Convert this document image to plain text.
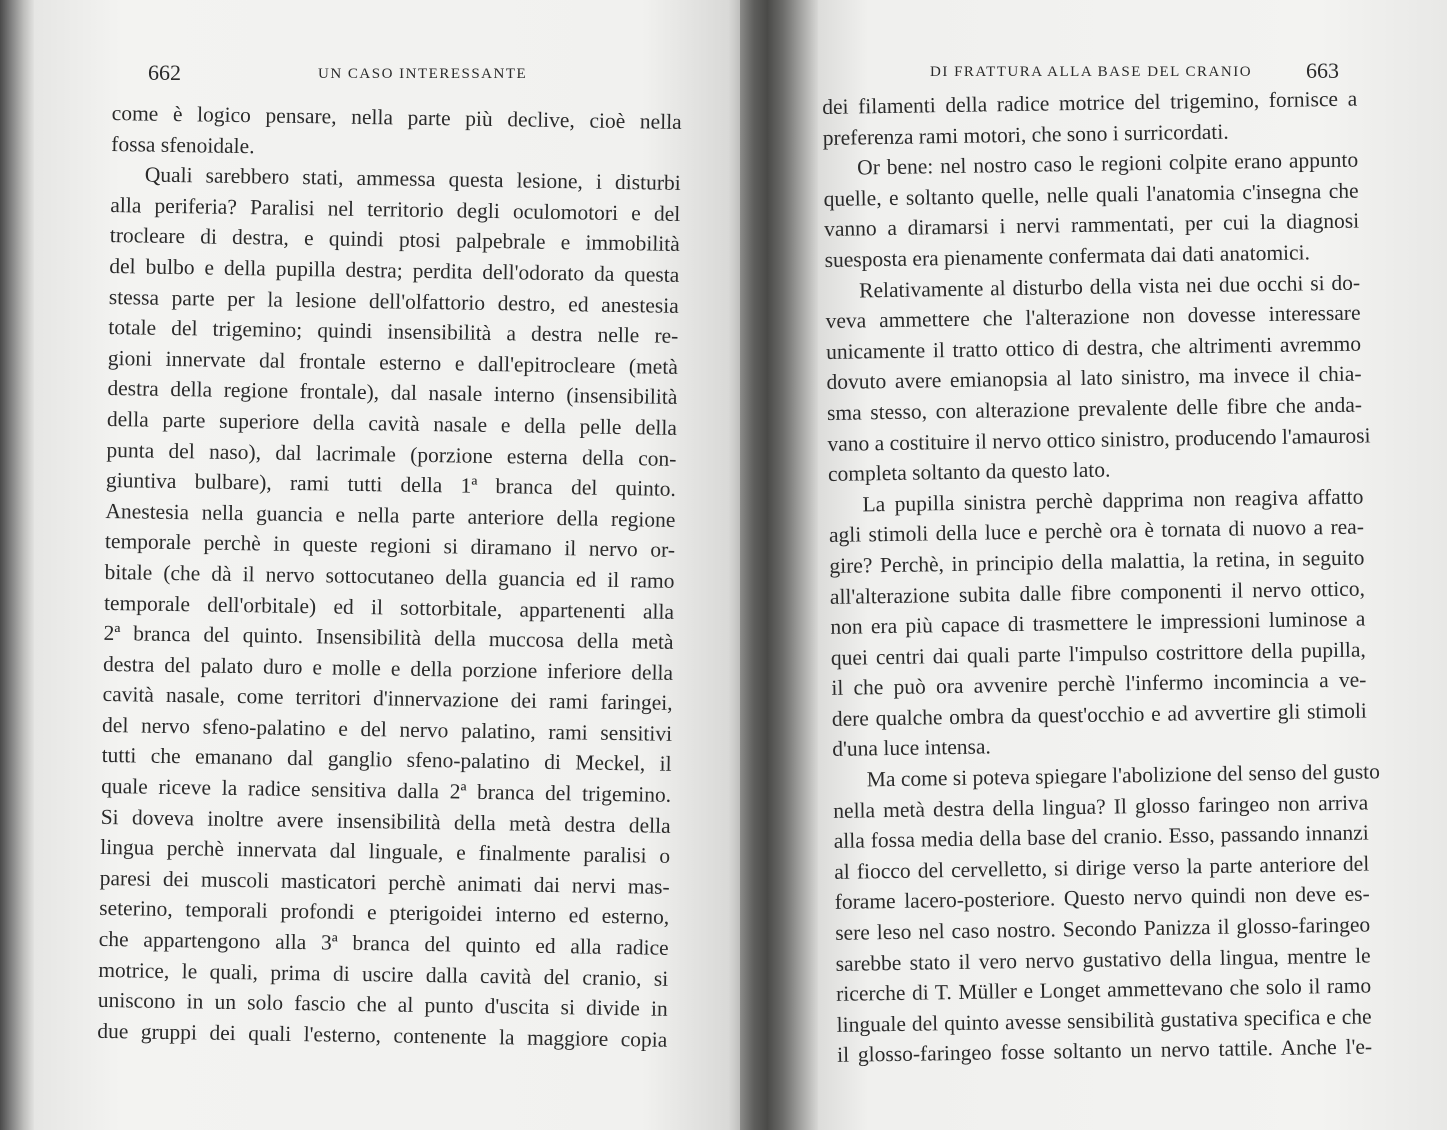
662	UN CASO INTERESSANTE	DI FRATTURA ALLA BASE DEL CRANIO 663
come è logico pensare, nella parte più declive, cioè nella
fossa sfenoidale.
Quali sarebbero stati, ammessa questa lesione, i disturbi
alla periferia? Paralisi nel territorio degli oculomotori e del
trocleare di destra, e quindi ptosi palpebrale e immobilità
del bulbo e della pupilla destra; perdita dell'odorato da questa
stessa parte per la lesione dell'olfattorio destro, ed anestesia
totale del trigemino; quindi insensibilità a destra nelle re-
gioni innervate dal frontale esterno e dall'epitrocleare (metà
destra della regione frontale), dal nasale interno (insensibilità
della parte superiore della cavità nasale e della pelle della
punta del naso), dal lacrimale (porzione esterna della con-
giuntiva bulbare), rami tutti della 1ª branca del quinto.
Anestesia nella guancia e nella parte anteriore della regione
temporale perchè in queste regioni si diramano il nervo or-
bitale (che dà il nervo sottocutaneo della guancia ed il ramo
temporale dell'orbitale) ed il sottorbitale, appartenenti alla
2ª branca del quinto. Insensibilità della muccosa della metà
destra del palato duro e molle e della porzione inferiore della
cavità nasale, come territori d'innervazione dei rami faringei,
del nervo sfeno-palatino e del nervo palatino, rami sensitivi
tutti che emanano dal ganglio sfeno-palatino di Meckel, il
quale riceve la radice sensitiva dalla 2ª branca del trigemino.
Si doveva inoltre avere insensibilità della metà destra della
lingua perchè innervata dal linguale, e finalmente paralisi o
paresi dei muscoli masticatori perchè animati dai nervi mas-
seterino, temporali profondi e pterigoidei interno ed esterno,
che appartengono alla 3ª branca del quinto ed alla radice
motrice, le quali, prima di uscire dalla cavità del cranio, si
uniscono in un solo fascio che al punto d'uscita si divide in
due gruppi dei quali l'esterno, contenente la maggiore copia
dei filamenti della radice motrice del trigemino, fornisce a
preferenza rami motori, che sono i surricordati.
Or bene: nel nostro caso le regioni colpite erano appunto
quelle, e soltanto quelle, nelle quali l'anatomia c'insegna che
vanno a diramarsi i nervi rammentati, per cui la diagnosi
suesposta era pienamente confermata dai dati anatomici.
Relativamente al disturbo della vista nei due occhi si do-
veva ammettere che l'alterazione non dovesse interessare
unicamente il tratto ottico di destra, che altrimenti avremmo
dovuto avere emianopsia al lato sinistro, ma invece il chia-
sma stesso, con alterazione prevalente delle fibre che anda-
vano a costituire il nervo ottico sinistro, producendo l'amaurosi
completa soltanto da questo lato.
La pupilla sinistra perchè dapprima non reagiva affatto
agli stimoli della luce e perchè ora è tornata di nuovo a rea-
gire? Perchè, in principio della malattia, la retina, in seguito
all'alterazione subita dalle fibre componenti il nervo ottico,
non era più capace di trasmettere le impressioni luminose a
quei centri dai quali parte l'impulso costrittore della pupilla,
il che può ora avvenire perchè l'infermo incomincia a ve-
dere qualche ombra da quest'occhio e ad avvertire gli stimoli
d'una luce intensa.
Ma come si poteva spiegare l'abolizione del senso del gusto
nella metà destra della lingua? Il glosso faringeo non arriva
alla fossa media della base del cranio. Esso, passando innanzi
al fiocco del cervelletto, si dirige verso la parte anteriore del
forame lacero-posteriore. Questo nervo quindi non deve es-
sere leso nel caso nostro. Secondo Panizza il glosso-faringeo
sarebbe stato il vero nervo gustativo della lingua, mentre le
ricerche di T. Müller e Longet ammettevano che solo il ramo
linguale del quinto avesse sensibilità gustativa specifica e che
il glosso-faringeo fosse soltanto un nervo tattile. Anche l'e-
